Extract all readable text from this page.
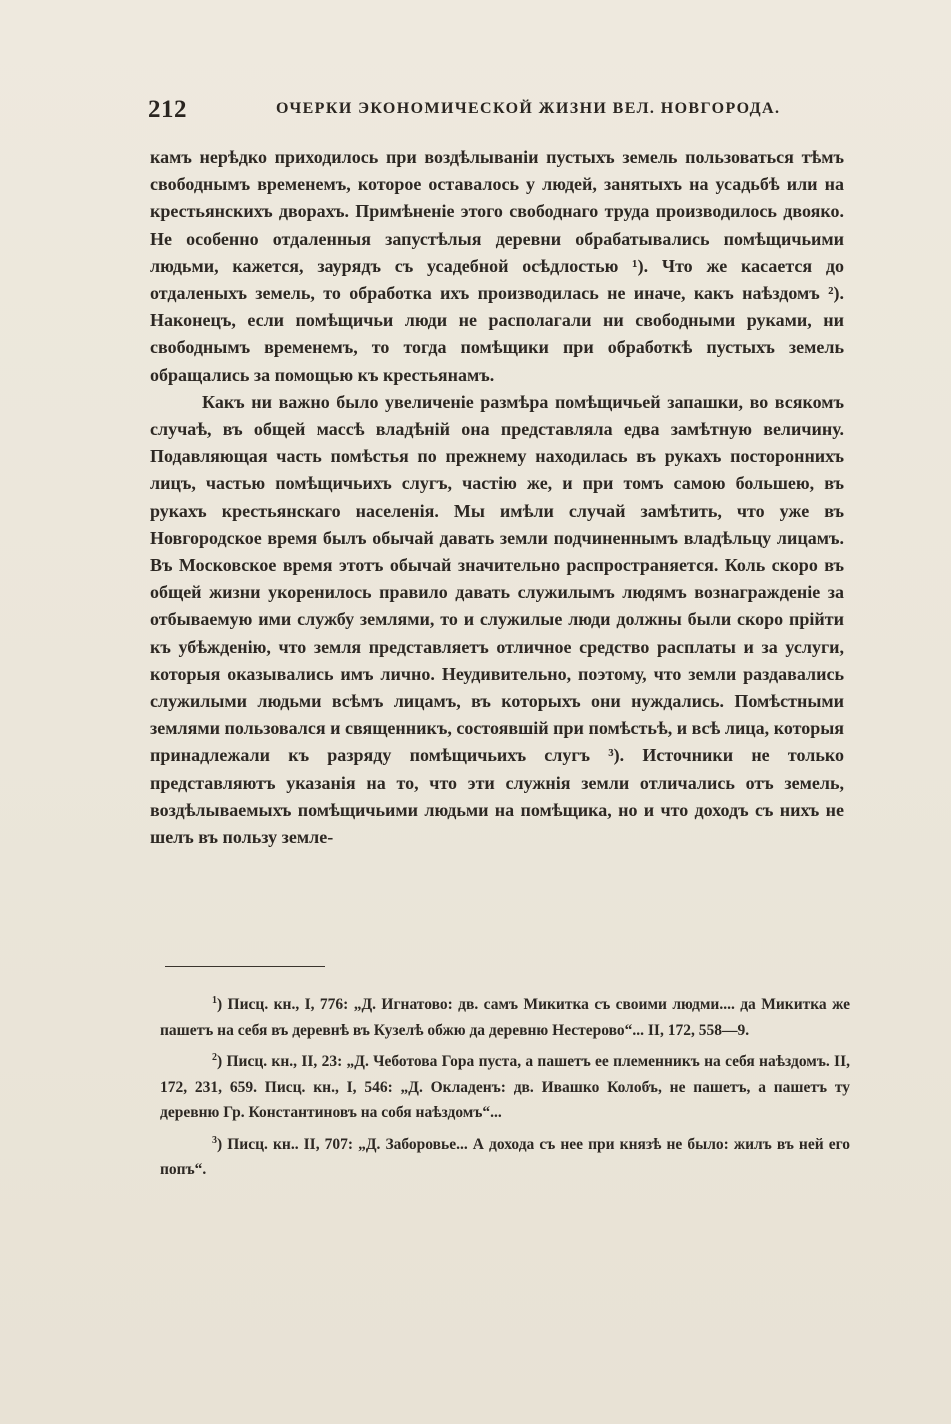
212	ОЧЕРКИ ЭКОНОМИЧЕСКОЙ ЖИЗНИ ВЕЛ. НОВГОРОДА.

камъ нерѣдко приходилось при воздѣлываніи пустыхъ земель пользоваться тѣмъ свободнымъ временемъ, которое оставалось у людей, занятыхъ на усадьбѣ или на крестьянскихъ дворахъ. Примѣненіе этого свободнаго труда производилось двояко. Не особенно отдаленныя запустѣлыя деревни обрабатывались помѣщичьими людьми, кажется, заурядъ съ усадебной осѣдлостью ¹). Что же касается до отдаленыхъ земель, то обработка ихъ производилась не иначе, какъ наѣздомъ ²). Наконецъ, если помѣщичьи люди не располагали ни свободными руками, ни свободнымъ временемъ, то тогда помѣщики при обработкѣ пустыхъ земель обращались за помощью къ крестьянамъ.

Какъ ни важно было увеличеніе размѣра помѣщичьей запашки, во всякомъ случаѣ, въ общей массѣ владѣній она представляла едва замѣтную величину. Подавляющая часть помѣстья по прежнему находилась въ рукахъ постороннихъ лицъ, частью помѣщичьихъ слугъ, частію же, и при томъ самою большею, въ рукахъ крестьянскаго населенія. Мы имѣли случай замѣтить, что уже въ Новгородское время былъ обычай давать земли подчиненнымъ владѣльцу лицамъ. Въ Московское время этотъ обычай значительно распространяется. Коль скоро въ общей жизни укоренилось правило давать служилымъ людямъ вознагражденіе за отбываемую ими службу землями, то и служилые люди должны были скоро прійти къ убѣжденію, что земля представляетъ отличное средство расплаты и за услуги, которыя оказывались имъ лично. Неудивительно, поэтому, что земли раздавались служилыми людьми всѣмъ лицамъ, въ которыхъ они нуждались. Помѣстными землями пользовался и священникъ, состоявшій при помѣстьѣ, и всѣ лица, которыя принадлежали къ разряду помѣщичьихъ слугъ ³). Источники не только представляютъ указанія на то, что эти служнія земли отличались отъ земель, воздѣлываемыхъ помѣщичьими людьми на помѣщика, но и что доходъ съ нихъ не шелъ въ пользу земле-

$^1$) Писц. кн., I, 776: „Д. Игнатово: дв. самъ Микитка съ своими людми.... да Микитка же пашетъ на себя въ деревнѣ въ Кузелѣ обжю да деревню Нестерово“... II, 172, 558—9.

$^2$) Писц. кн., II, 23: „Д. Чеботова Гора пуста, а пашетъ ее племенникъ на себя наѣздомъ. II, 172, 231, 659. Писц. кн., I, 546: „Д. Окладенъ: дв. Ивашко Колобъ, не пашетъ, а пашетъ ту деревню Гр. Константиновъ на собя наѣздомъ“...

$^3$) Писц. кн.. II, 707: „Д. Заборовье... А дохода съ нее при князѣ не было: жилъ въ ней его попъ“.
